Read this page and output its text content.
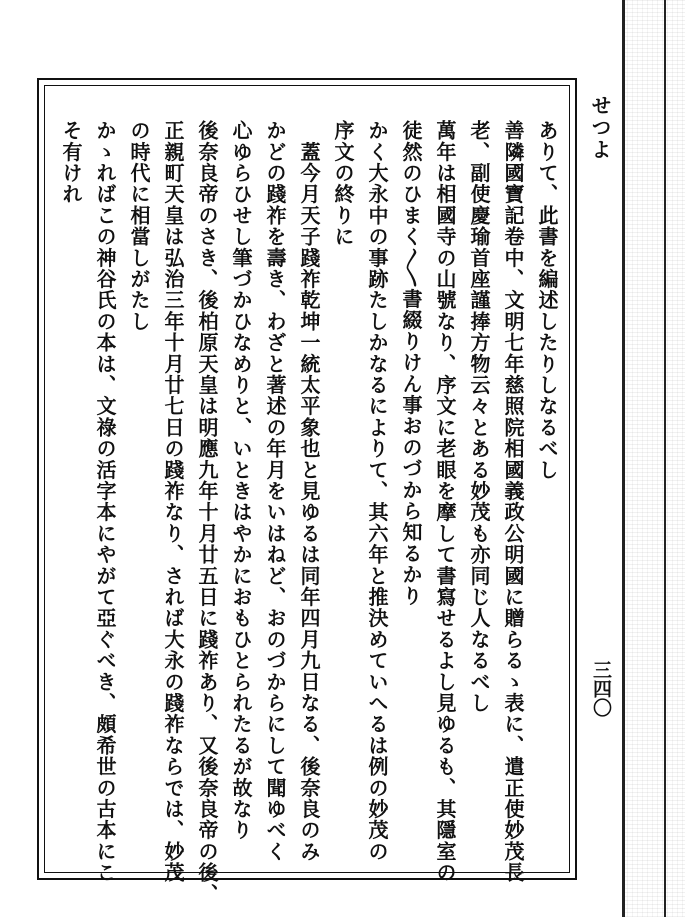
せつよ
三四〇
ありて、此書を編述したりしなるべし
善隣國寶記卷中、文明七年慈照院相國義政公明國に贈らるゝ表に、遣正使妙茂長
老、副使慶瑜首座謹捧方物云々とある妙茂も亦同じ人なるべし
萬年は相國寺の山號なり、序文に老眼を摩して書寫せるよし見ゆるも、其隱室の
徒然のひまく〳〵書綴りけん事おのづから知るかり
かく大永中の事跡たしかなるによりて、其六年と推決めていへるは例の妙茂の
序文の終りに
　蓋今月天子踐祚乾坤一統太平象也と見ゆるは同年四月九日なる、後奈良のみ
かどの踐祚を壽き、わざと著述の年月をいはねど、おのづからにして聞ゆべく
心ゆらひせし筆づかひなめりと、いときはやかにおもひとられたるが故なり
後奈良帝のさき、後柏原天皇は明應九年十月廿五日に踐祚あり、又後奈良帝の後、
正親町天皇は弘治三年十月廿七日の踐祚なり、されば大永の踐祚ならでは、妙茂
の時代に相當しがたし
かゝればこの神谷氏の本は、文祿の活字本にやがて亞ぐべき、頗希世の古本にこ
そ有けれ
